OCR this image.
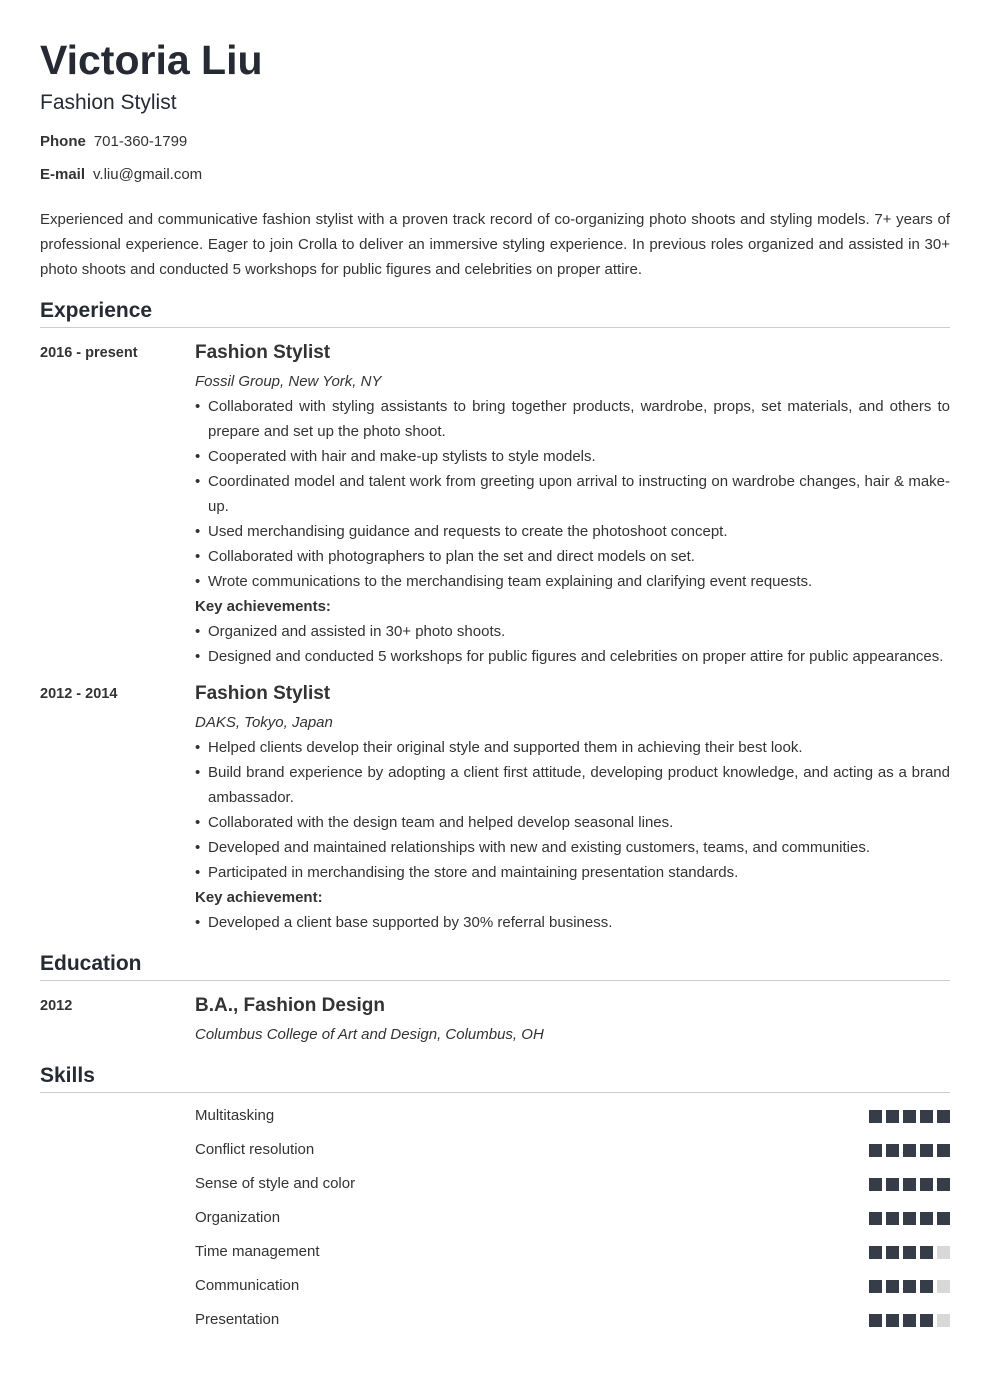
Victoria Liu
Fashion Stylist
Phone 701-360-1799
E-mail v.liu@gmail.com
Experienced and communicative fashion stylist with a proven track record of co-organizing photo shoots and styling models. 7+ years of professional experience. Eager to join Crolla to deliver an immersive styling experience. In previous roles organized and assisted in 30+ photo shoots and conducted 5 workshops for public figures and celebrities on proper attire.
Experience
2016 - present	Fashion Stylist
Fossil Group, New York, NY
• Collaborated with styling assistants to bring together products, wardrobe, props, set materials, and others to prepare and set up the photo shoot.
• Cooperated with hair and make-up stylists to style models.
• Coordinated model and talent work from greeting upon arrival to instructing on wardrobe changes, hair & make-up.
• Used merchandising guidance and requests to create the photoshoot concept.
• Collaborated with photographers to plan the set and direct models on set.
• Wrote communications to the merchandising team explaining and clarifying event requests.
Key achievements:
• Organized and assisted in 30+ photo shoots.
• Designed and conducted 5 workshops for public figures and celebrities on proper attire for public appearances.
2012 - 2014	Fashion Stylist
DAKS, Tokyo, Japan
• Helped clients develop their original style and supported them in achieving their best look.
• Build brand experience by adopting a client first attitude, developing product knowledge, and acting as a brand ambassador.
• Collaborated with the design team and helped develop seasonal lines.
• Developed and maintained relationships with new and existing customers, teams, and communities.
• Participated in merchandising the store and maintaining presentation standards.
Key achievement:
• Developed a client base supported by 30% referral business.
Education
2012	B.A., Fashion Design
Columbus College of Art and Design, Columbus, OH
Skills
Multitasking
Conflict resolution
Sense of style and color
Organization
Time management
Communication
Presentation
